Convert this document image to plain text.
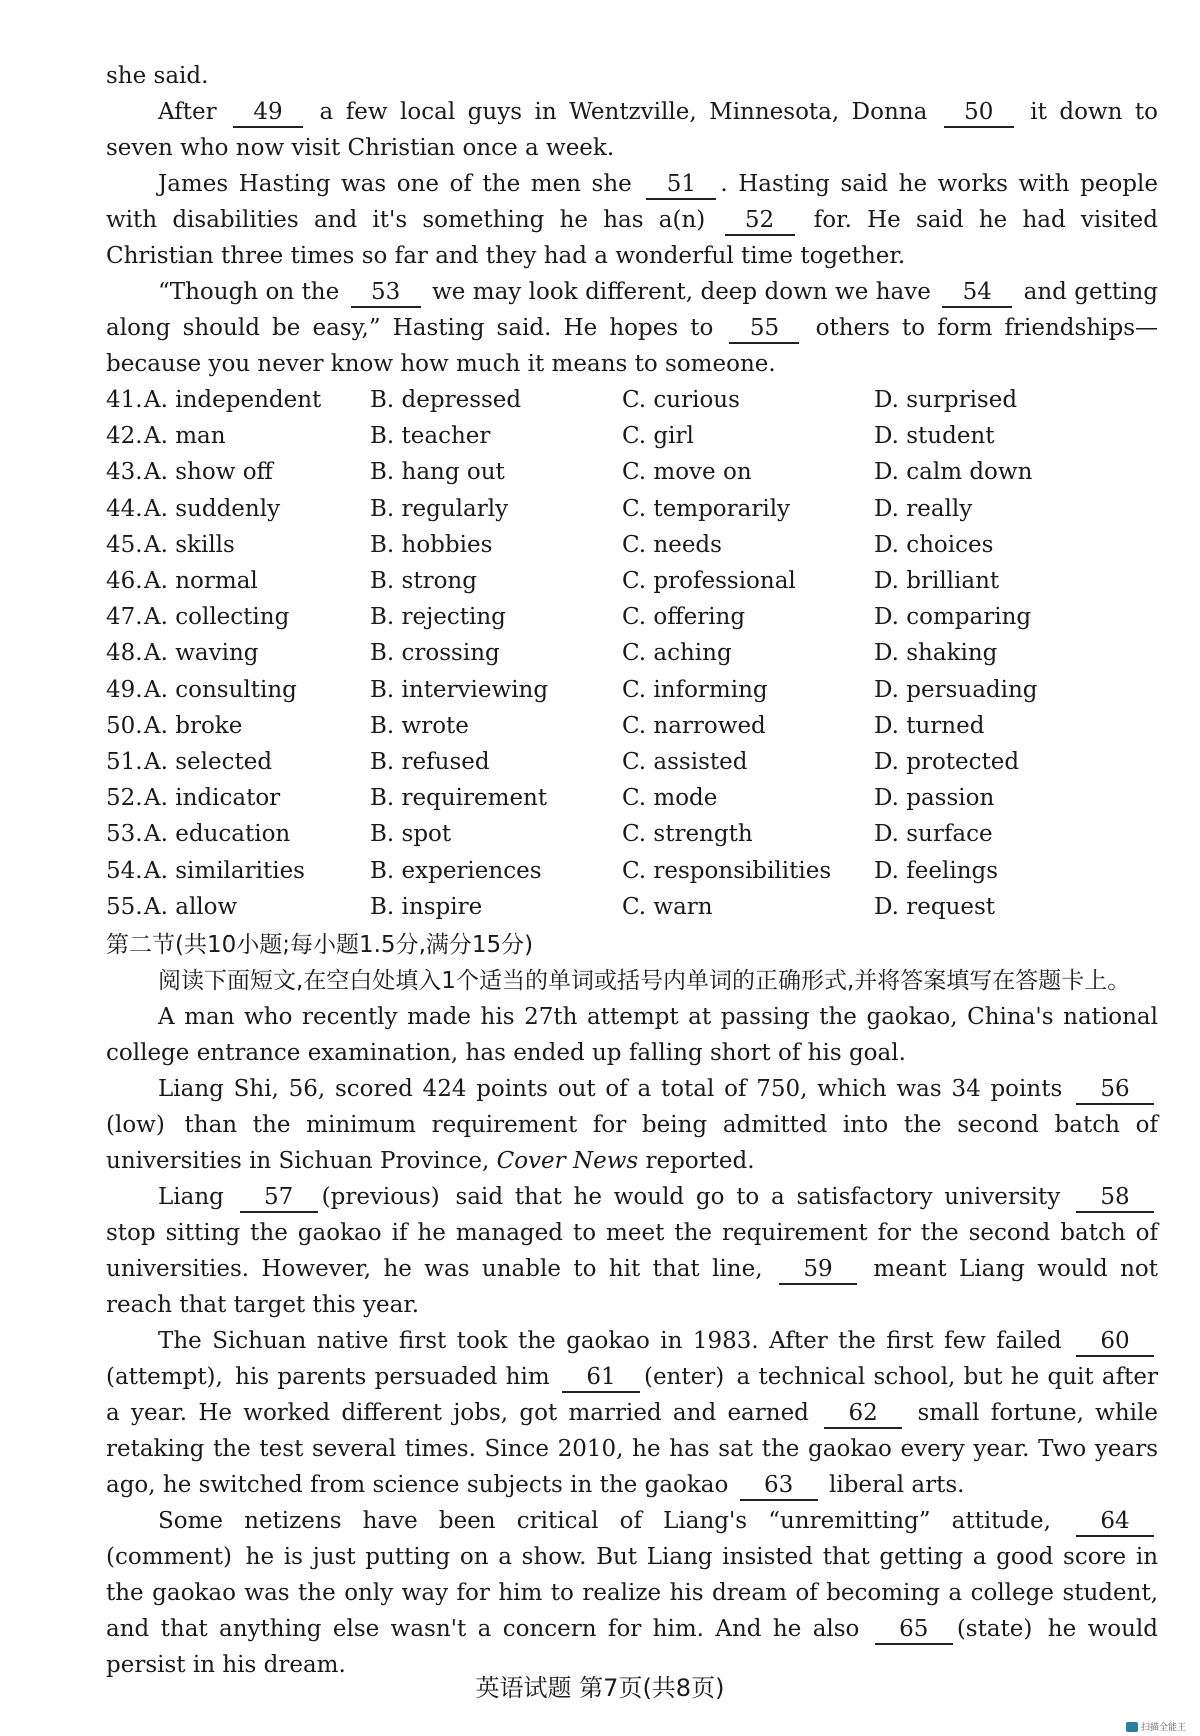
she said.

After 49 a few local guys in Wentzville, Minnesota, Donna 50 it down to seven who now visit Christian once a week.

James Hasting was one of the men she 51 . Hasting said he works with people with disabilities and it's something he has a(n) 52 for. He said he had visited Christian three times so far and they had a wonderful time together.

“Though on the 53 we may look different, deep down we have 54 and getting along should be easy,” Hasting said. He hopes to 55 others to form friendships—because you never know how much it means to someone.

41. A. independent	B. depressed	C. curious	D. surprised
42. A. man	B. teacher	C. girl	D. student
43. A. show off	B. hang out	C. move on	D. calm down
44. A. suddenly	B. regularly	C. temporarily	D. really
45. A. skills	B. hobbies	C. needs	D. choices
46. A. normal	B. strong	C. professional	D. brilliant
47. A. collecting	B. rejecting	C. offering	D. comparing
48. A. waving	B. crossing	C. aching	D. shaking
49. A. consulting	B. interviewing	C. informing	D. persuading
50. A. broke	B. wrote	C. narrowed	D. turned
51. A. selected	B. refused	C. assisted	D. protected
52. A. indicator	B. requirement	C. mode	D. passion
53. A. education	B. spot	C. strength	D. surface
54. A. similarities	B. experiences	C. responsibilities	D. feelings
55. A. allow	B. inspire	C. warn	D. request
第二节(共10小题;每小题1.5分,满分15分)

阅读下面短文,在空白处填入1个适当的单词或括号内单词的正确形式,并将答案填写在答题卡上。

A man who recently made his 27th attempt at passing the gaokao, China's national college entrance examination, has ended up falling short of his goal.

Liang Shi, 56, scored 424 points out of a total of 750, which was 34 points 56(low) than the minimum requirement for being admitted into the second batch of universities in Sichuan Province, Cover News reported.

Liang 57 (previous) said that he would go to a satisfactory university 58 stop sitting the gaokao if he managed to meet the requirement for the second batch of universities. However, he was unable to hit that line, 59 meant Liang would not reach that target this year.

The Sichuan native first took the gaokao in 1983. After the first few failed 60(attempt), his parents persuaded him 61 (enter) a technical school, but he quit after a year. He worked different jobs, got married and earned 62 small fortune, while retaking the test several times. Since 2010, he has sat the gaokao every year. Two years ago, he switched from science subjects in the gaokao 63 liberal arts.

Some netizens have been critical of Liang's “unremitting” attitude, 64(comment) he is just putting on a show. But Liang insisted that getting a good score in the gaokao was the only way for him to realize his dream of becoming a college student, and that anything else wasn't a concern for him. And he also 65 (state) he would persist in his dream.

英语试题 第7页(共8页)
扫描全能王
